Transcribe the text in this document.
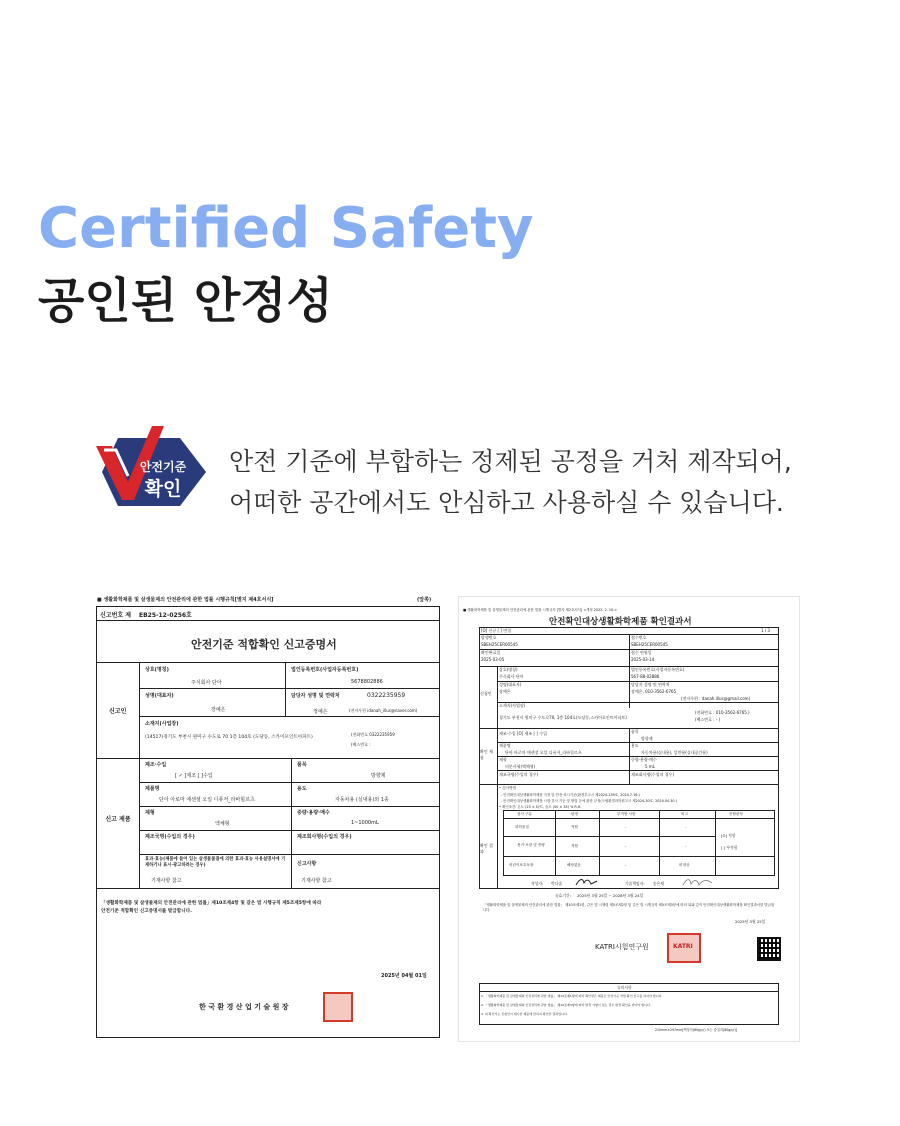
Certified Safety
공인된 안정성
안전기준
확인
안전 기준에 부합하는 정제된 공정을 거처 제작되어,
어떠한 공간에서도 안심하고 사용하실 수 있습니다.
■ 생활화학제품 및 살생물제의 안전관리에 관한 법률 시행규칙[별지 제4호서식]	(앞쪽)
신고번호 제 EB25-12-0256호
안전기준 적합확인 신고증명서
신고인
상호(명칭)
주식회사 단아
법인등록번호(사업자등록번호)
5678802886
성명(대표자)
장예은
담당자 성명 및 연락처	0322235959
정예은	(전자우편 idanah_illus@naver.com)
소재지(사업장)
(14517)경기도 부천시 원미구 수도로 70 1층 104호 (도당동, 스카이포인트아파트)
(전화번호 0322235959
(팩스번호 :
신고 제품
제조·수입
[ ✓ ]제조 [ ]수입
품목
방향제
제품명
단아 아로마 애센셜 오일 디퓨저_라바힐르츠
용도
자동차용 (실내용)외 1종
제형
액체형
중량·용량·매수
1~1000mL
제조국명(수입의 경우)	제조회사명(수입의 경우)
효과·효능(제품에 들어 있는 살생물물질에 의한 효과·효능 사용설명서에 기재하거나 표시·광고하려는 경우)
기재사항 참고
신고사항
기재사항 참고
「생활화학제품 및 살생물제의 안전관리에 관한 법률」제10조제4항 및 같은 법 시행규칙 제5조제5항에 따라
안전기준 적합확인 신고증명서를 발급합니다.
2025년 04월 01일
한 국 환 경 산 업 기 술 원 장
■ 생활화학제품 및 살생물제의 안전관리에 관한 법률 시행규칙 [별지 제2호서식] <개정 2022. 2. 10.>
안전확인대상생활화학제품 확인결과서
[O] 신규 [ ] 변경	1 / 3
발행번호
SBEH25CER00545
접수번호
SBEH25CER00545
확인완료일
2025-03-05
접수 연월일
2025-03-14
신청인
상호(명칭)
주식회사 단아
법인등록번호(사업자등록번호)
567-88-02886
성명(대표자)
장예은
담당자 성명 및 연락처
장예은, 010-3562-6765
(전자우편 : danah.illus@gmail.com)
소재지(사업장)
경기도 부천시 원미구 수도로70, 1층 104호(도당동,스카이포인트아파트)
(전화번호 : 010-3562-6765 )
(팩스번호 : - )
확인 제품
제조·수입 [O] 제조 [ ] 수입	품목
방향제
제품명
단아 아로마 애센셜 오일 디퓨저_라바힐르츠
용도
자동차용(실내용), 일반용(실내공간용)
제형
비분사형(액체형)
중량·용량·매수
5 mL
제조국명(수입의 경우)	제조회사명(수입의 경우)
확인 결과
• 검사방법
- 안전확인대상생활화학제품 지정 및 안전·표시기준(환경부고시 제2024-139호, 2024.7.16.)
- 안전확인대상생활화학제품 시험·검사 기준 및 방법 등에 관한 규정(국립환경과학원고시 제2024-30호, 2024.04.30.)
• 확인조건: 온도 (23 ± 5)℃, 습도 (50 ± 35) % R.H.
검사 구분	판정	부적합 사항	비고	종합판정
화학물질	적합	-	-
용기·포장 및 중량	적합	-	-
어린이보호포장	해당없음	-	비대상
[O] 적합
[ ] 부적합
작성자: 박다솔	기술책임자: 송은채
유효기간: 2025년 3월 25일 ~ 2028년 3월 24일
「생활화학제품 및 살생물제의 안전관리에 관한 법률」 제10조제1항, 같은 법 시행령 제5조제2항 및 같은 법 시행규칙 제5조제3항에 따라 위와 같이 안전확인대상생활화학제품 확인결과서를 발급합니다.
2025년 3월 25일
KATRI시험연구원	KATRI
유의사항
1. 「생활화학제품 및 살생물제의 안전관리에 관한 법률」 제10조제1항에 따라 확인받은 제품은 안전기준 적합 확인 신고를 하여야 합니다.
2. 「생활화학제품 및 살생물제의 안전관리에 관한 법률」 제10조제3항에 따라 변경 사항이 있는 경우 변경 확인을 받아야 합니다.
3. 위 확인서는 신청인이 제시한 제품에 한하여 확인한 결과입니다.
210mm×297mm[백상지(80g/㎡) 또는 중질지(80g/㎡)]
